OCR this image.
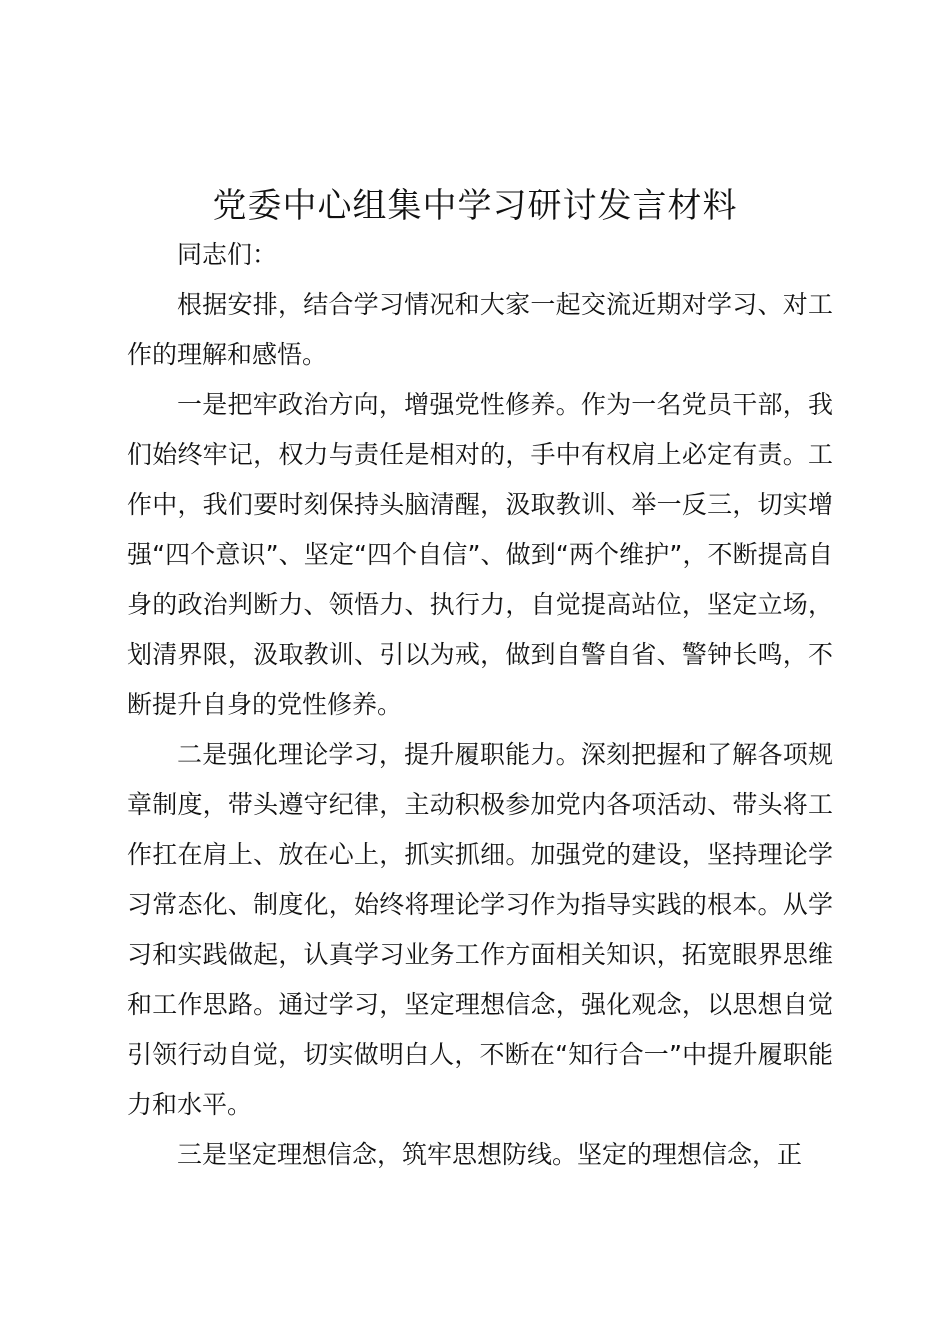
党委中心组集中学习研讨发言材料

同志们：

根据安排，结合学习情况和大家一起交流近期对学习、对工作的理解和感悟。

一是把牢政治方向，增强党性修养。作为一名党员干部，我们始终牢记，权力与责任是相对的，手中有权肩上必定有责。工作中，我们要时刻保持头脑清醒，汲取教训、举一反三，切实增强“四个意识”、坚定“四个自信”、做到“两个维护”，不断提高自身的政治判断力、领悟力、执行力，自觉提高站位，坚定立场，划清界限，汲取教训、引以为戒，做到自警自省、警钟长鸣，不断提升自身的党性修养。

二是强化理论学习，提升履职能力。深刻把握和了解各项规章制度，带头遵守纪律，主动积极参加党内各项活动、带头将工作扛在肩上、放在心上，抓实抓细。加强党的建设，坚持理论学习常态化、制度化，始终将理论学习作为指导实践的根本。从学习和实践做起，认真学习业务工作方面相关知识，拓宽眼界思维和工作思路。通过学习，坚定理想信念，强化观念，以思想自觉引领行动自觉，切实做明白人，不断在“知行合一”中提升履职能力和水平。

三是坚定理想信念，筑牢思想防线。坚定的理想信念，正
